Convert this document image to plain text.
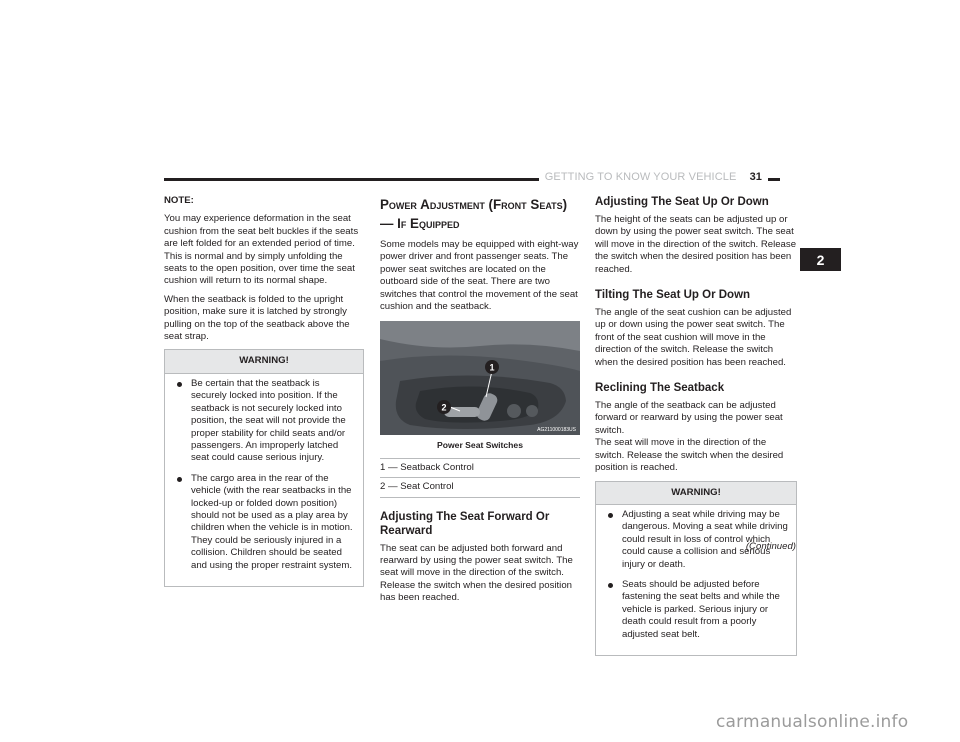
GETTING TO KNOW YOUR VEHICLE 31
2

NOTE:

You may experience deformation in the seat cushion from the seat belt buckles if the seats are left folded for an extended period of time. This is normal and by simply unfolding the seats to the open position, over time the seat cushion will return to its normal shape.

When the seatback is folded to the upright position, make sure it is latched by strongly pulling on the top of the seatback above the seat strap.

WARNING!
Be certain that the seatback is securely locked into position. If the seatback is not securely locked into position, the seat will not provide the proper stability for child seats and/or passengers. An improperly latched seat could cause serious injury.
The cargo area in the rear of the vehicle (with the rear seatbacks in the locked-up or folded down position) should not be used as a play area by children when the vehicle is in motion. They could be seriously injured in a collision. Children should be seated and using the proper restraint system.
Power Adjustment (Front Seats) — If Equipped

Some models may be equipped with eight-way power driver and front passenger seats. The power seat switches are located on the outboard side of the seat. There are two switches that control the movement of the seat cushion and the seatback.

1
2
AG211000183US
Power Seat Switches
1 — Seatback Control
2 — Seat Control
Adjusting The Seat Forward Or Rearward

The seat can be adjusted both forward and rearward by using the power seat switch. The seat will move in the direction of the switch. Release the switch when the desired position has been reached.

Adjusting The Seat Up Or Down

The height of the seats can be adjusted up or down by using the power seat switch. The seat will move in the direction of the switch. Release the switch when the desired position has been reached.

Tilting The Seat Up Or Down

The angle of the seat cushion can be adjusted up or down using the power seat switch. The front of the seat cushion will move in the direction of the switch. Release the switch when the desired position has been reached.

Reclining The Seatback

The angle of the seatback can be adjusted forward or rearward by using the power seat switch.

The seat will move in the direction of the switch. Release the switch when the desired position is reached.

WARNING!
Adjusting a seat while driving may be dangerous. Moving a seat while driving could result in loss of control which could cause a collision and serious injury or death.
Seats should be adjusted before fastening the seat belts and while the vehicle is parked. Serious injury or death could result from a poorly adjusted seat belt.
(Continued)
carmanualsonline.info
